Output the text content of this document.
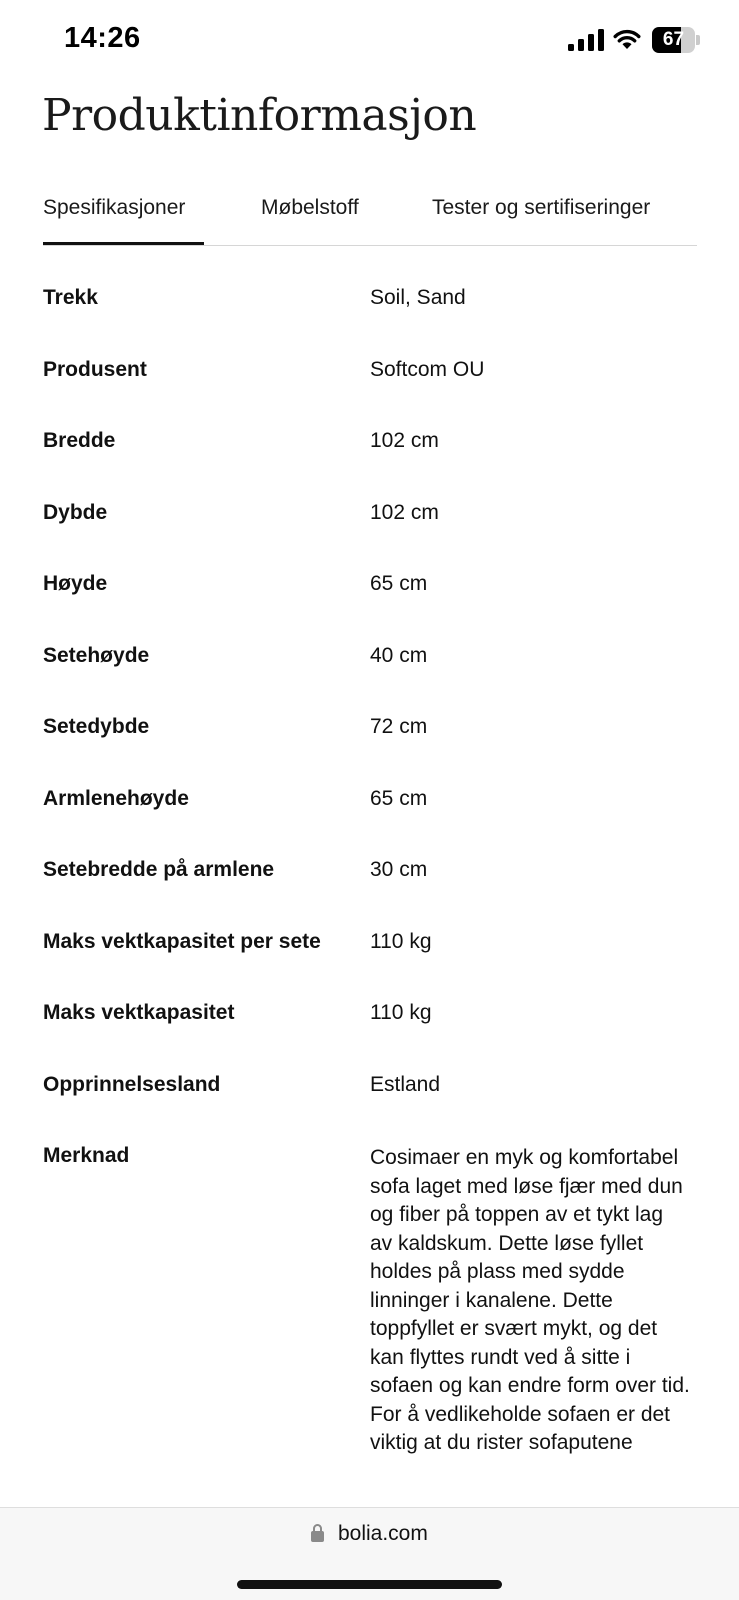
14:26	67
Produktinformasjon
Spesifikasjoner	Møbelstoff	Tester og sertifiseringer
Trekk	Soil, Sand
Produsent	Softcom OU
Bredde	102 cm
Dybde	102 cm
Høyde	65 cm
Setehøyde	40 cm
Setedybde	72 cm
Armlenehøyde	65 cm
Setebredde på armlene	30 cm
Maks vektkapasitet per sete 110 kg
Maks vektkapasitet	110 kg
Opprinnelsesland	Estland
Merknad	Cosimaer en myk og komfortabel sofa laget med løse fjær med dun og fiber på toppen av et tykt lag av kaldskum. Dette løse fyllet holdes på plass med sydde linninger i kanalene. Dette toppfyllet er svært mykt, og det kan flyttes rundt ved å sitte i sofaen og kan endre form over tid. For å vedlikeholde sofaen er det viktig at du rister sofaputene
bolia.com
